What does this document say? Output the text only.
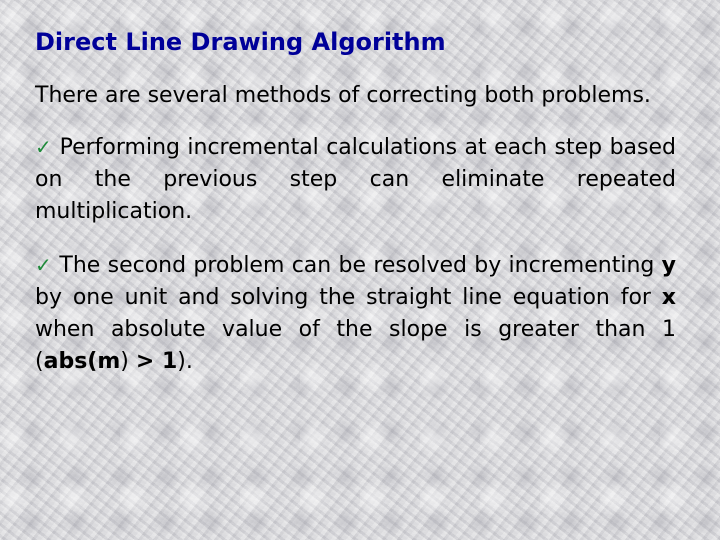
Direct Line Drawing Algorithm

There are several methods of correcting both problems.

✓ Performing incremental calculations at each step based on the previous step can eliminate repeated multiplication.

✓ The second problem can be resolved by incrementing y by one unit and solving the straight line equation for x when absolute value of the slope is greater than 1 (abs(m) > 1).
